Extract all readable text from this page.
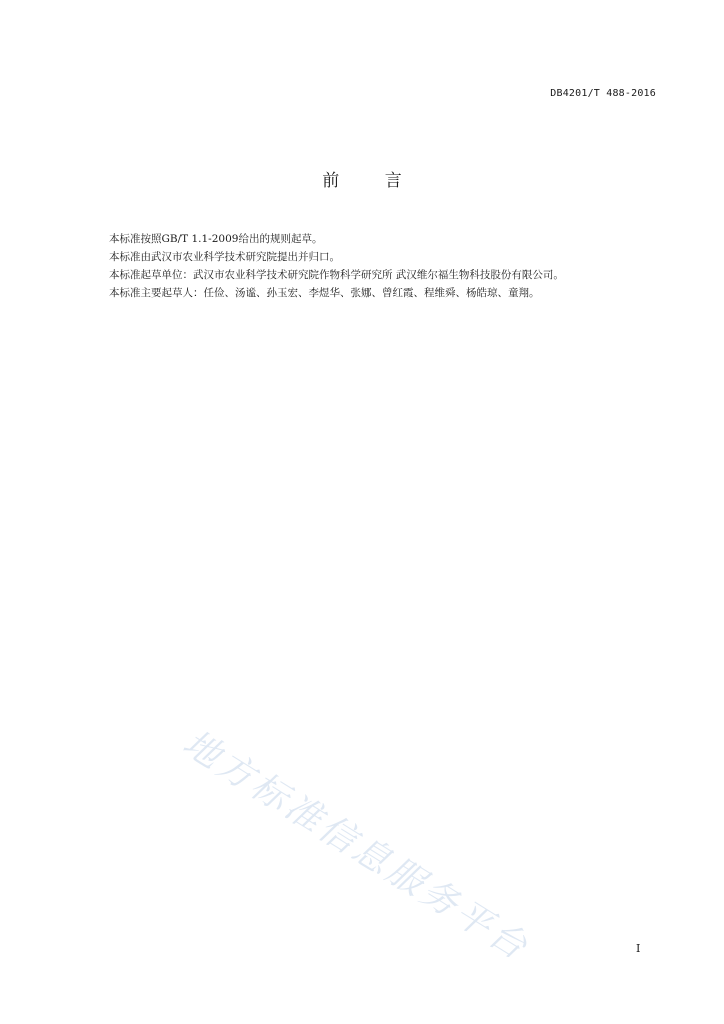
DB4201/T 488-2016
前 言

本标准按照GB/T 1.1-2009给出的规则起草。

本标准由武汉市农业科学技术研究院提出并归口。

本标准起草单位：武汉市农业科学技术研究院作物科学研究所 武汉维尔福生物科技股份有限公司。

本标准主要起草人：任俭、汤谧、孙玉宏、李煜华、张娜、曾红霞、程维舜、杨皓琼、童翔。

地方标准信息服务平台	I
